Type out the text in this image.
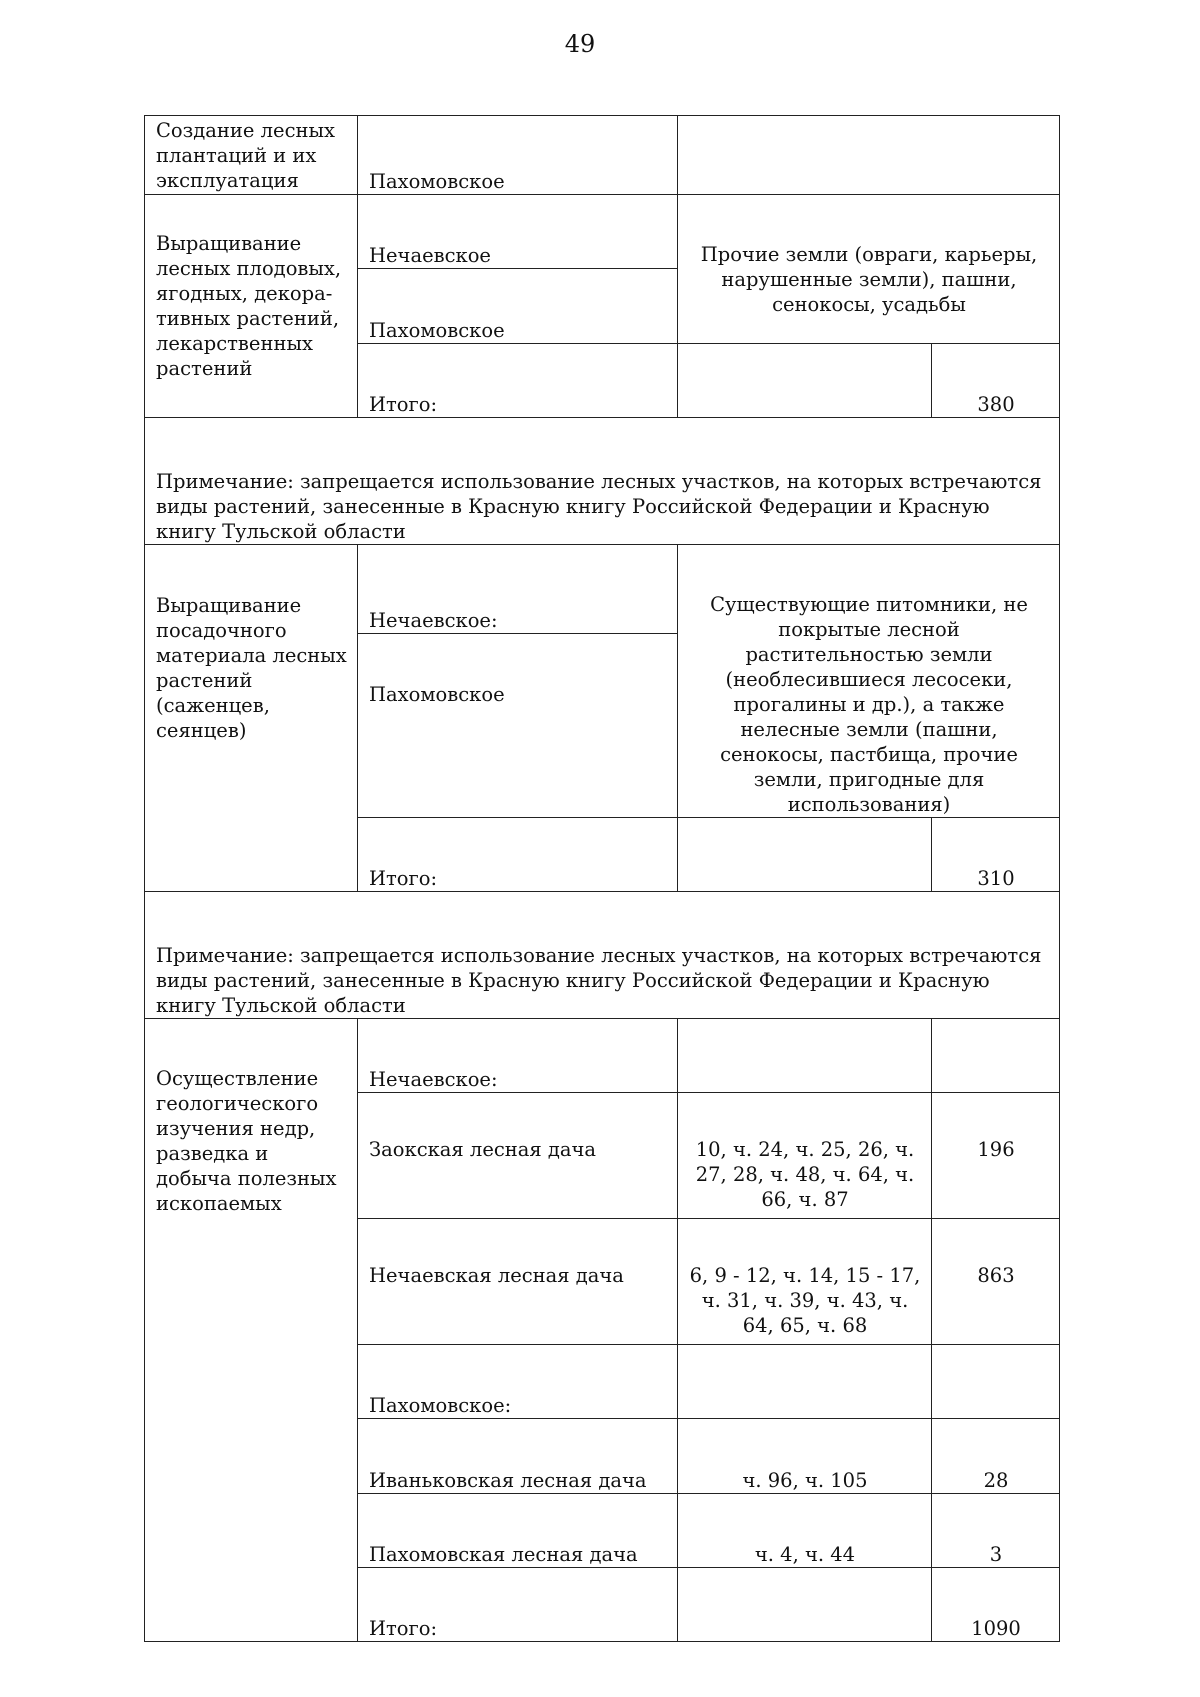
49
Создание лесных плантаций и их эксплуатация	Пахомовское		
Выращивание лесных плодовых, ягодных, декора-тивных растений, лекарственных растений	Нечаевское	Прочие земли (овраги, карьеры, нарушенные земли), пашни, сенокосы, усадьбы	
	Пахомовское		
	Итого:		380
Примечание: запрещается использование лесных участков, на которых встречаются виды растений, занесенные в Красную книгу Российской Федерации и Красную книгу Тульской области			
Выращивание посадочного материала лесных растений (саженцев, сеянцев)	Нечаевское:	Существующие питомники, не покрытые лесной растительностью земли (необлесившиеся лесосеки, прогалины и др.), а также нелесные земли (пашни, сенокосы, пастбища, прочие земли, пригодные для использования)	
	Пахомовское		
	Итого:		310
Примечание: запрещается использование лесных участков, на которых встречаются виды растений, занесенные в Красную книгу Российской Федерации и Красную книгу Тульской области			
Осуществление геологического изучения недр, разведка и добыча полезных ископаемых	Нечаевское:		
	Заокская лесная дача	10, ч. 24, ч. 25, 26, ч. 27, 28, ч. 48, ч. 64, ч. 66, ч. 87	196
	Нечаевская лесная дача	6, 9 - 12, ч. 14, 15 - 17, ч. 31, ч. 39, ч. 43, ч. 64, 65, ч. 68	863
	Пахомовское:		
	Иваньковская лесная дача	ч. 96, ч. 105	28
	Пахомовская лесная дача	ч. 4, ч. 44	3
	Итого:		1090
